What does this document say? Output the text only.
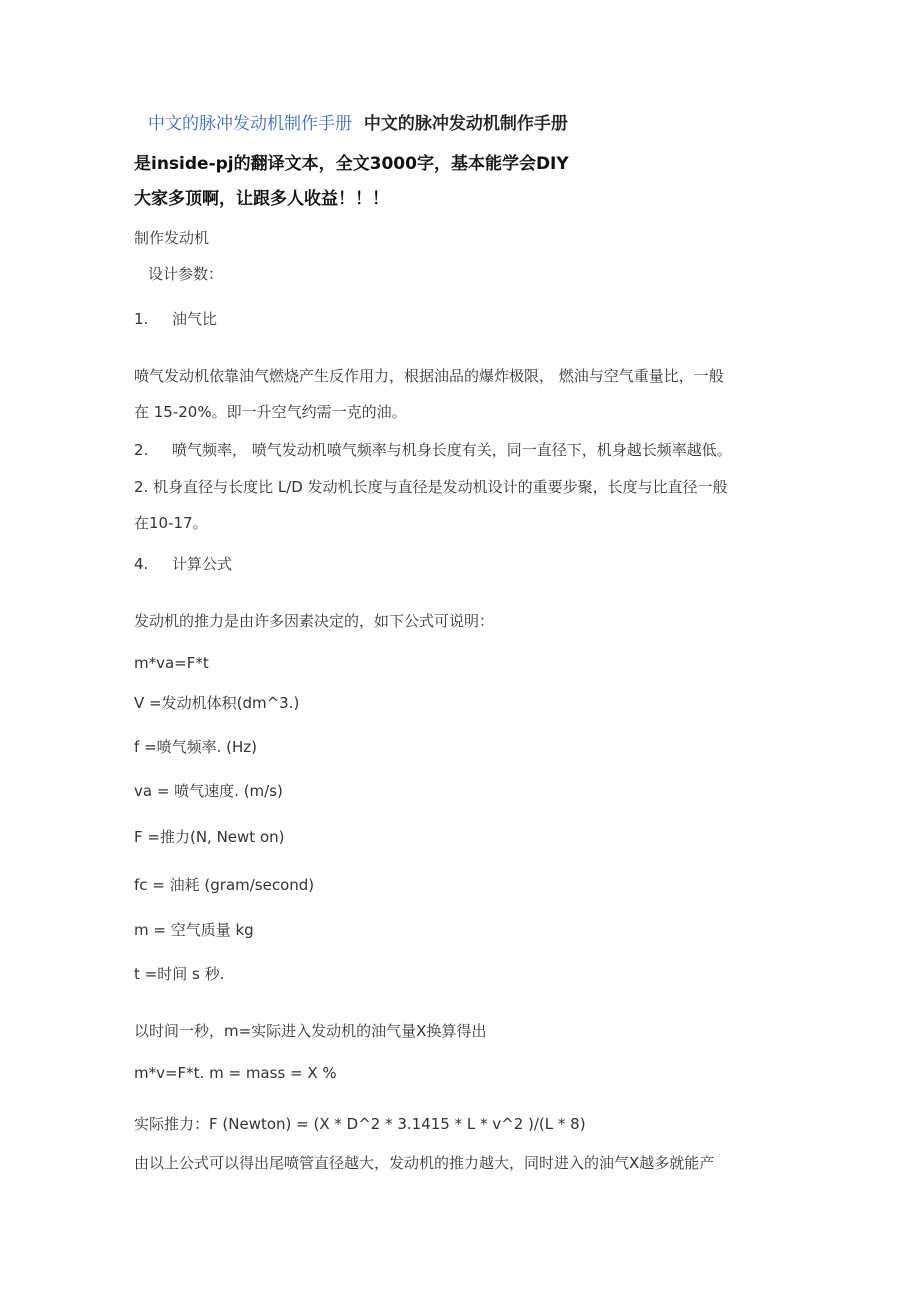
中文的脉冲发动机制作手册 中文的脉冲发动机制作手册
是inside-pj的翻译文本，全文3000字，基本能学会DIY
大家多顶啊，让跟多人收益！！！
制作发动机
设计参数：
1. 油气比
喷气发动机依靠油气燃烧产生反作用力，根据油品的爆炸极限， 燃油与空气重量比，一般
在 15-20%。即一升空气约需一克的油。
2. 喷气频率， 喷气发动机喷气频率与机身长度有关，同一直径下，机身越长频率越低。
2. 机身直径与长度比 L/D 发动机长度与直径是发动机设计的重要步聚，长度与比直径一般
在10-17。
4. 计算公式
发动机的推力是由许多因素决定的，如下公式可说明：
m*va=F*t
V =发动机体积(dm^3.)
f =喷气频率. (Hz)
va = 喷气速度. (m/s)
F =推力(N, Newt on)
fc = 油耗 (gram/second)
m = 空气质量 kg
t =时间 s 秒.
以时间一秒，m=实际进入发动机的油气量X换算得出
m*v=F*t. m = mass = X %
实际推力：F (Newton) = (X * D^2 * 3.1415 * L * v^2 )/(L * 8)
由以上公式可以得出尾喷管直径越大，发动机的推力越大，同时进入的油气X越多就能产
